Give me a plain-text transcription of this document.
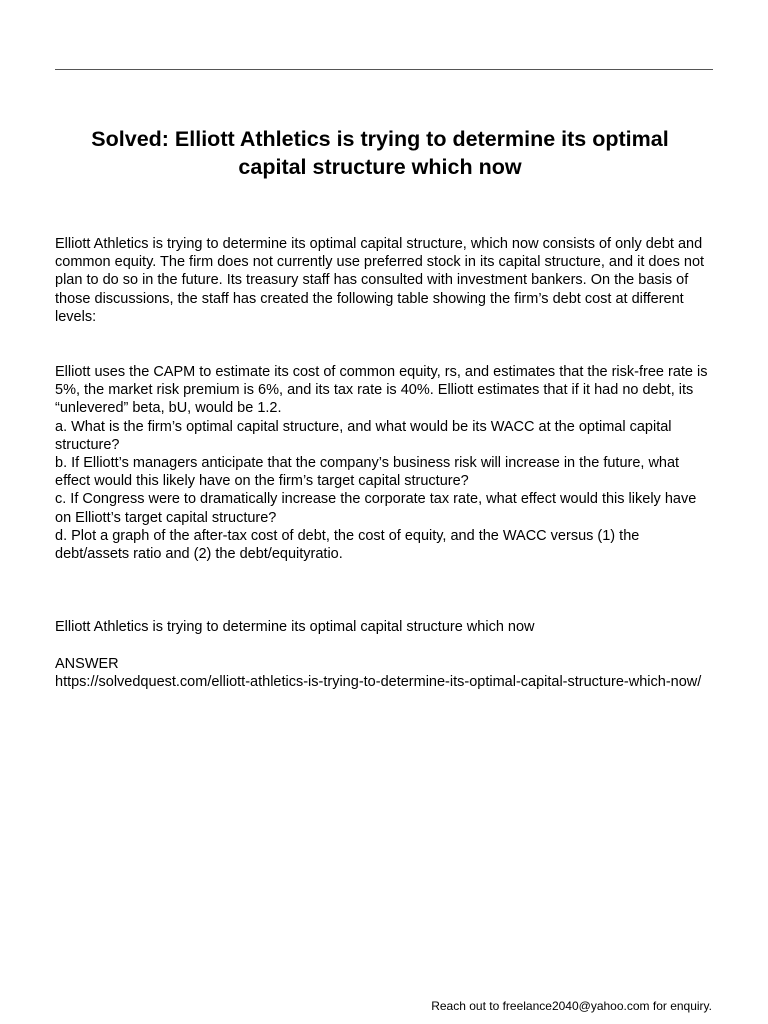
Solved: Elliott Athletics is trying to determine its optimal capital structure which now

Elliott Athletics is trying to determine its optimal capital structure, which now consists of only debt and common equity. The firm does not currently use preferred stock in its capital structure, and it does not plan to do so in the future. Its treasury staff has consulted with investment bankers. On the basis of those discussions, the staff has created the following table showing the firm’s debt cost at different levels:

Elliott uses the CAPM to estimate its cost of common equity, rs, and estimates that the risk-free rate is 5%, the market risk premium is 6%, and its tax rate is 40%. Elliott estimates that if it had no debt, its “unlevered” beta, bU, would be 1.2.
a. What is the firm’s optimal capital structure, and what would be its WACC at the optimal capital structure?
b. If Elliott’s managers anticipate that the company’s business risk will increase in the future, what effect would this likely have on the firm’s target capital structure?
c. If Congress were to dramatically increase the corporate tax rate, what effect would this likely have on Elliott’s target capital structure?
d. Plot a graph of the after-tax cost of debt, the cost of equity, and the WACC versus (1) the debt/assets ratio and (2) the debt/equityratio.

Elliott Athletics is trying to determine its optimal capital structure which now

ANSWER

https://solvedquest.com/elliott-athletics-is-trying-to-determine-its-optimal-capital-structure-which-now/

Reach out to freelance2040@yahoo.com for enquiry.
